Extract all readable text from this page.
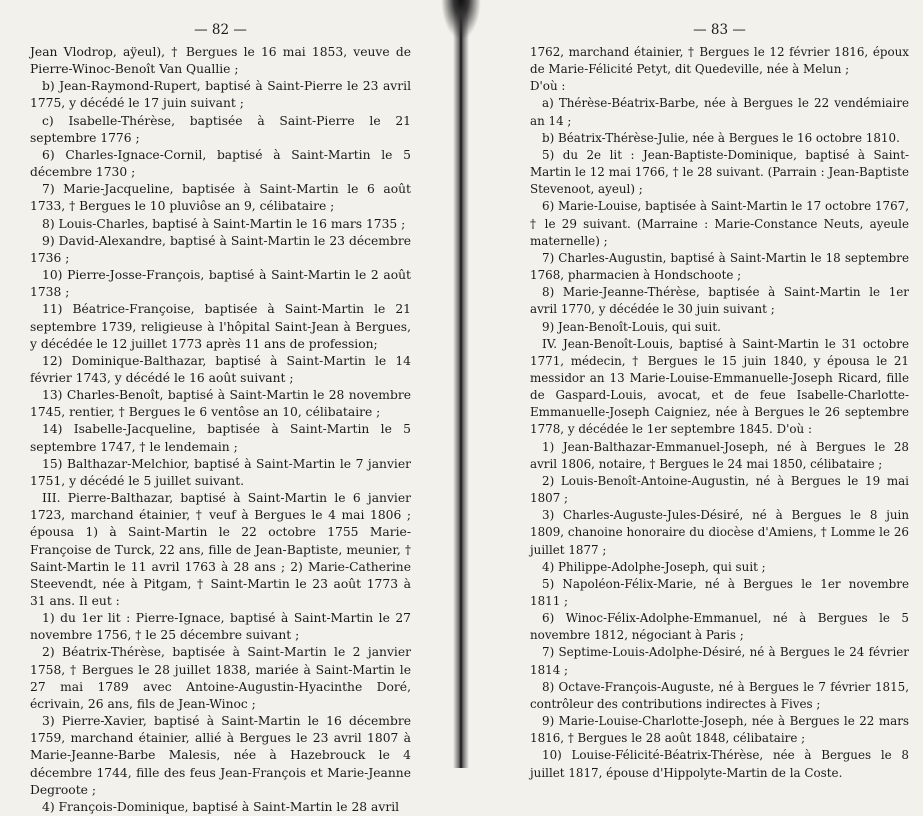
— 82 —

Jean Vlodrop, aÿeul), † Bergues le 16 mai 1853, veuve de Pierre-Winoc-Benoît Van Quallie ;

b) Jean-Raymond-Rupert, baptisé à Saint-Pierre le 23 avril 1775, y décédé le 17 juin suivant ;

c) Isabelle-Thérèse, baptisée à Saint-Pierre le 21 septembre 1776 ;

6) Charles-Ignace-Cornil, baptisé à Saint-Martin le 5 décembre 1730 ;

7) Marie-Jacqueline, baptisée à Saint-Martin le 6 août 1733, † Bergues le 10 pluviôse an 9, célibataire ;

8) Louis-Charles, baptisé à Saint-Martin le 16 mars 1735 ;

9) David-Alexandre, baptisé à Saint-Martin le 23 décembre 1736 ;

10) Pierre-Josse-François, baptisé à Saint-Martin le 2 août 1738 ;

11) Béatrice-Françoise, baptisée à Saint-Martin le 21 septembre 1739, religieuse à l'hôpital Saint-Jean à Bergues, y décédée le 12 juillet 1773 après 11 ans de profession;

12) Dominique-Balthazar, baptisé à Saint-Martin le 14 février 1743, y décédé le 16 août suivant ;

13) Charles-Benoît, baptisé à Saint-Martin le 28 novembre 1745, rentier, † Bergues le 6 ventôse an 10, célibataire ;

14) Isabelle-Jacqueline, baptisée à Saint-Martin le 5 septembre 1747, † le lendemain ;

15) Balthazar-Melchior, baptisé à Saint-Martin le 7 janvier 1751, y décédé le 5 juillet suivant.

III. Pierre-Balthazar, baptisé à Saint-Martin le 6 janvier 1723, marchand étainier, † veuf à Bergues le 4 mai 1806 ; épousa 1) à Saint-Martin le 22 octobre 1755 Marie-Françoise de Turck, 22 ans, fille de Jean-Baptiste, meunier, † Saint-Martin le 11 avril 1763 à 28 ans ; 2) Marie-Catherine Steevendt, née à Pitgam, † Saint-Martin le 23 août 1773 à 31 ans. Il eut :

1) du 1er lit : Pierre-Ignace, baptisé à Saint-Martin le 27 novembre 1756, † le 25 décembre suivant ;

2) Béatrix-Thérèse, baptisée à Saint-Martin le 2 janvier 1758, † Bergues le 28 juillet 1838, mariée à Saint-Martin le 27 mai 1789 avec Antoine-Augustin-Hyacinthe Doré, écrivain, 26 ans, fils de Jean-Winoc ;

3) Pierre-Xavier, baptisé à Saint-Martin le 16 décembre 1759, marchand étainier, allié à Bergues le 23 avril 1807 à Marie-Jeanne-Barbe Malesis, née à Hazebrouck le 4 décembre 1744, fille des feus Jean-François et Marie-Jeanne Degroote ;

4) François-Dominique, baptisé à Saint-Martin le 28 avril

— 83 —

1762, marchand étainier, † Bergues le 12 février 1816, époux de Marie-Félicité Petyt, dit Quedeville, née à Melun ;

D'où :

a) Thérèse-Béatrix-Barbe, née à Bergues le 22 vendémiaire an 14 ;

b) Béatrix-Thérèse-Julie, née à Bergues le 16 octobre 1810.

5) du 2e lit : Jean-Baptiste-Dominique, baptisé à Saint-Martin le 12 mai 1766, † le 28 suivant. (Parrain : Jean-Baptiste Stevenoot, ayeul) ;

6) Marie-Louise, baptisée à Saint-Martin le 17 octobre 1767, † le 29 suivant. (Marraine : Marie-Constance Neuts, ayeule maternelle) ;

7) Charles-Augustin, baptisé à Saint-Martin le 18 septembre 1768, pharmacien à Hondschoote ;

8) Marie-Jeanne-Thérèse, baptisée à Saint-Martin le 1er avril 1770, y décédée le 30 juin suivant ;

9) Jean-Benoît-Louis, qui suit.

IV. Jean-Benoît-Louis, baptisé à Saint-Martin le 31 octobre 1771, médecin, † Bergues le 15 juin 1840, y épousa le 21 messidor an 13 Marie-Louise-Emmanuelle-Joseph Ricard, fille de Gaspard-Louis, avocat, et de feue Isabelle-Charlotte-Emmanuelle-Joseph Caigniez, née à Bergues le 26 septembre 1778, y décédée le 1er septembre 1845. D'où :

1) Jean-Balthazar-Emmanuel-Joseph, né à Bergues le 28 avril 1806, notaire, † Bergues le 24 mai 1850, célibataire ;

2) Louis-Benoît-Antoine-Augustin, né à Bergues le 19 mai 1807 ;

3) Charles-Auguste-Jules-Désiré, né à Bergues le 8 juin 1809, chanoine honoraire du diocèse d'Amiens, † Lomme le 26 juillet 1877 ;

4) Philippe-Adolphe-Joseph, qui suit ;

5) Napoléon-Félix-Marie, né à Bergues le 1er novembre 1811 ;

6) Winoc-Félix-Adolphe-Emmanuel, né à Bergues le 5 novembre 1812, négociant à Paris ;

7) Septime-Louis-Adolphe-Désiré, né à Bergues le 24 février 1814 ;

8) Octave-François-Auguste, né à Bergues le 7 février 1815, contrôleur des contributions indirectes à Fives ;

9) Marie-Louise-Charlotte-Joseph, née à Bergues le 22 mars 1816, † Bergues le 28 août 1848, célibataire ;

10) Louise-Félicité-Béatrix-Thérèse, née à Bergues le 8 juillet 1817, épouse d'Hippolyte-Martin de la Coste.
